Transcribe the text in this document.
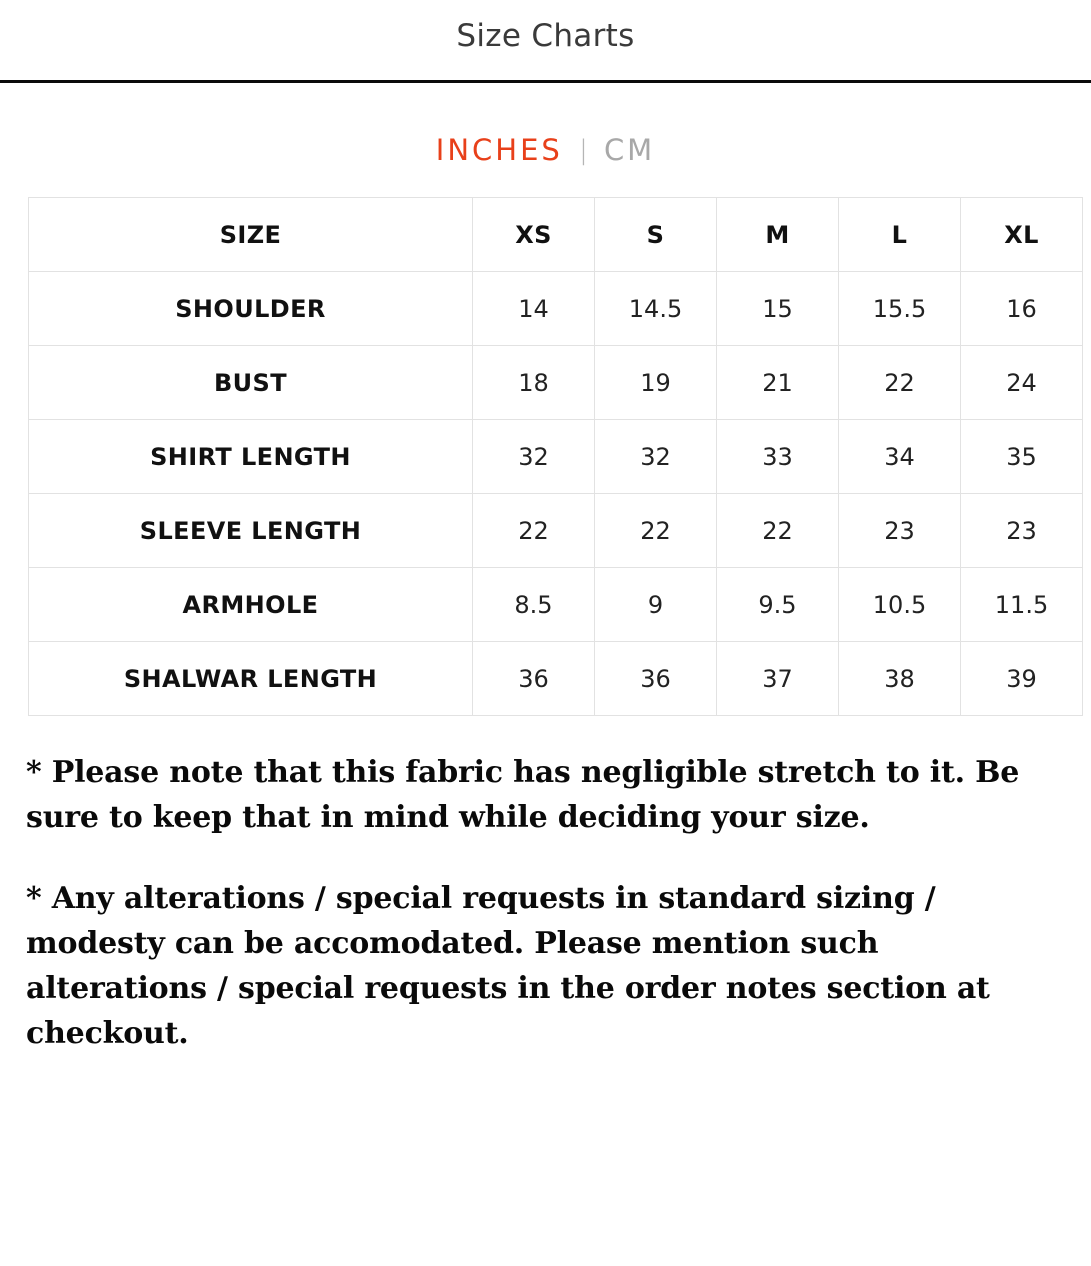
Size Charts
INCHES | CM
SIZE	XS	S	M	L	XL
SHOULDER	14	14.5	15	15.5	16
BUST	18	19	21	22	24
SHIRT LENGTH	32	32	33	34	35
SLEEVE LENGTH	22	22	22	23	23
ARMHOLE	8.5	9	9.5	10.5	11.5
SHALWAR LENGTH	36	36	37	38	39

* Please note that this fabric has negligible stretch to it. Be sure to keep that in mind while deciding your size.

* Any alterations / special requests in standard sizing / modesty can be accomodated. Please mention such alterations / special requests in the order notes section at checkout.
